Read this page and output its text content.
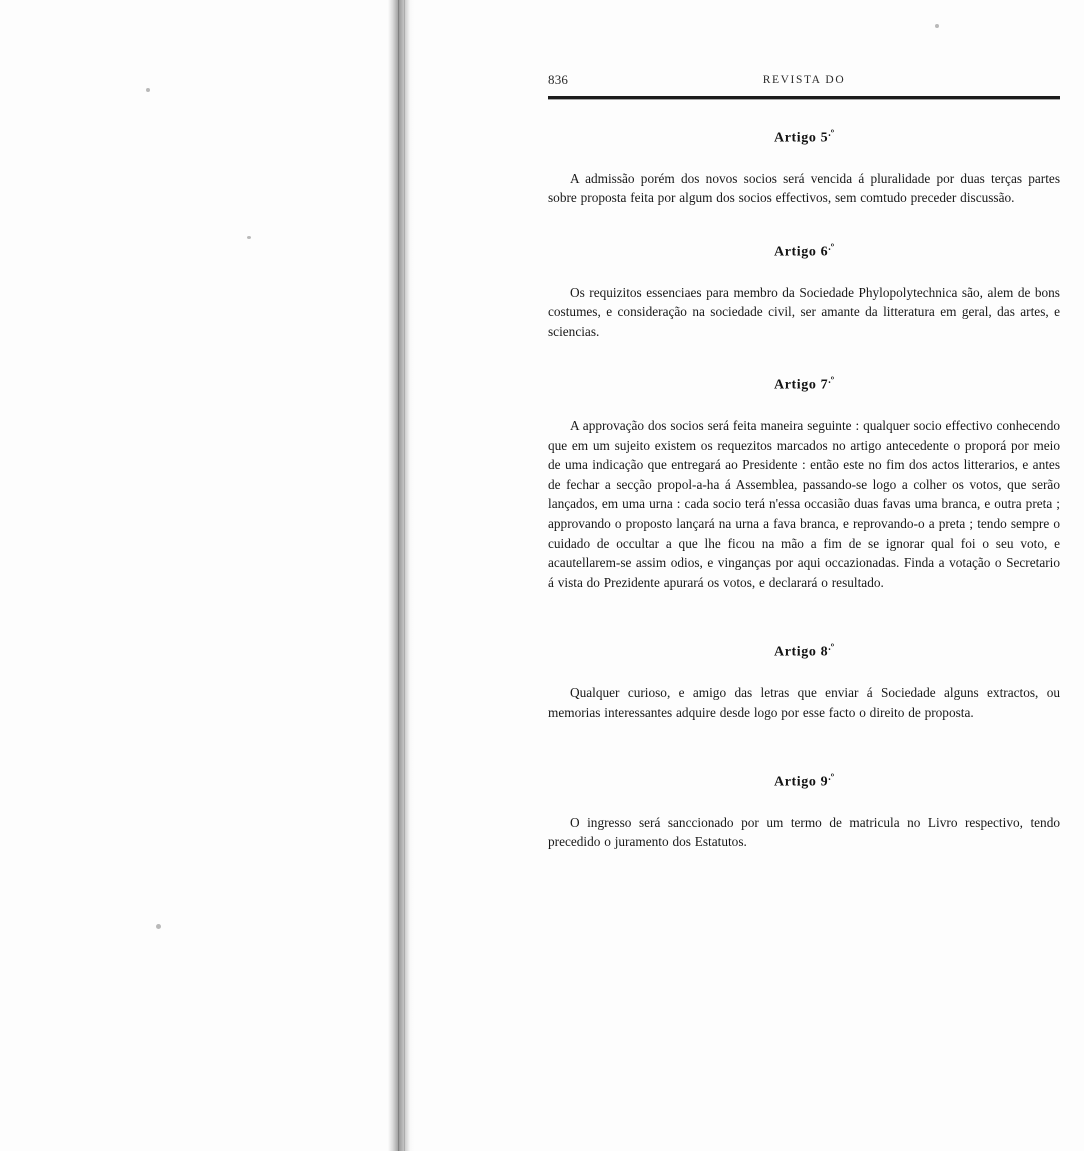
836	REVISTA DO
Artigo $5^{.º}$

A admissão porém dos novos socios será vencida á pluralidade por duas terças partes sobre proposta feita por algum dos socios effectivos, sem comtudo preceder discussão.

Artigo $6^{.º}$

Os requizitos essenciaes para membro da Sociedade Phylopolytechnica são, alem de bons costumes, e consideração na sociedade civil, ser amante da litteratura em geral, das artes, e sciencias.

Artigo $7^{.º}$

A approvação dos socios será feita maneira seguinte : qualquer socio effectivo conhecendo que em um sujeito existem os requezitos marcados no artigo antecedente o proporá por meio de uma indicação que entregará ao Presidente : então este no fim dos actos litterarios, e antes de fechar a secção propol-a-ha á Assemblea, passando-se logo a colher os votos, que serão lançados, em uma urna : cada socio terá n'essa occasião duas favas uma branca, e outra preta ; approvando o proposto lançará na urna a fava branca, e reprovando-o a preta ; tendo sempre o cuidado de occultar a que lhe ficou na mão a fim de se ignorar qual foi o seu voto, e acautellarem-se assim odios, e vinganças por aqui occazionadas. Finda a votação o Secretario á vista do Prezidente apurará os votos, e declarará o resultado.

Artigo $8^{.º}$

Qualquer curioso, e amigo das letras que enviar á Sociedade alguns extractos, ou memorias interessantes adquire desde logo por esse facto o direito de proposta.

Artigo $9^{.º}$

O ingresso será sanccionado por um termo de matricula no Livro respectivo, tendo precedido o juramento dos Estatutos.
